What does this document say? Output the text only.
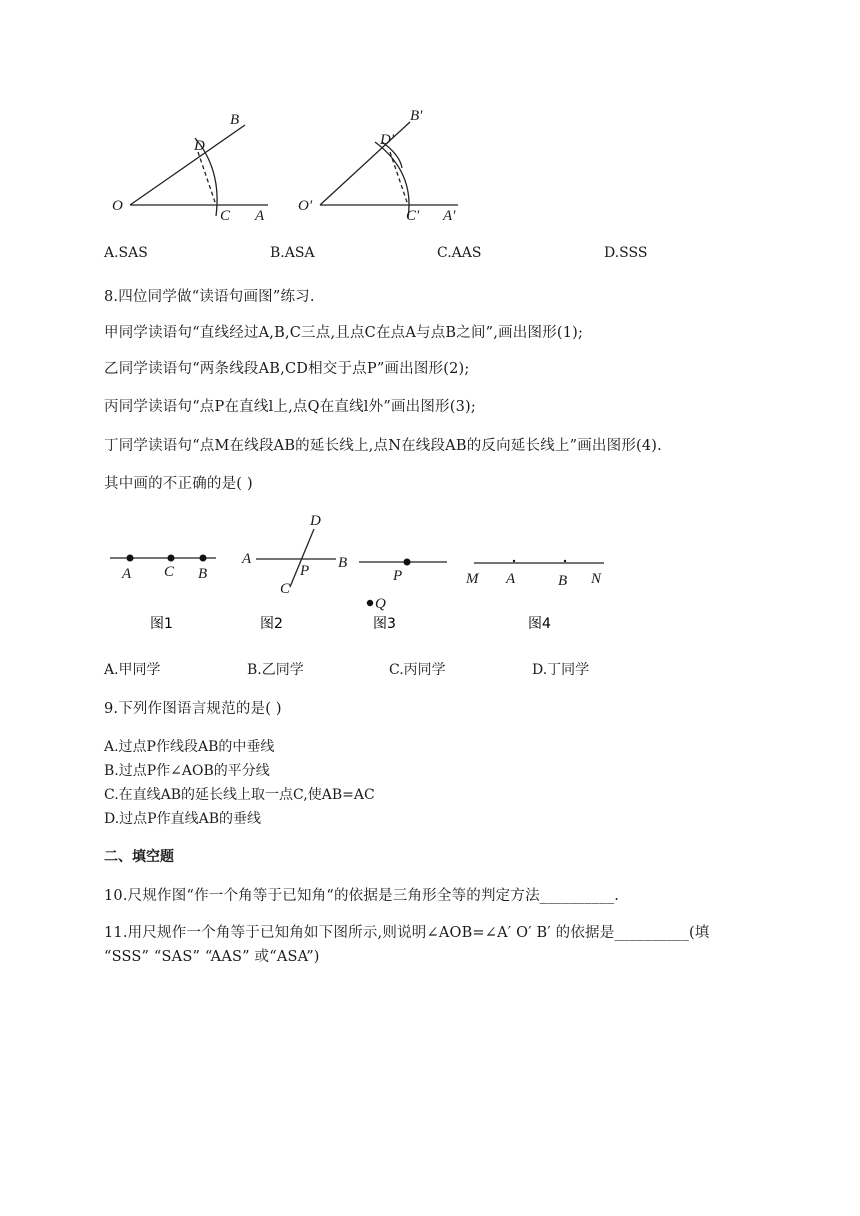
O
B
D
C A
O'
B′
D′
C′ A′
A.SAS	B.ASA	C.AAS	D.SSS
8.四位同学做“读语句画图”练习.
甲同学读语句“直线经过A,B,C三点,且点C在点A与点B之间”,画出图形(1);
乙同学读语句“两条线段AB,CD相交于点P”画出图形(2);
丙同学读语句“点P在直线l上,点Q在直线l外”画出图形(3);
丁同学读语句“点M在线段AB的延长线上,点N在线段AB的反向延长线上”画出图形(4).
其中画的不正确的是( )
A C B
图1
A	B
C
D
P
图2
P
Q
图3
M A	B N
图4
A.甲同学	B.乙同学	C.丙同学	D.丁同学
9.下列作图语言规范的是( )
A.过点P作线段AB的中垂线
B.过点P作∠AOB的平分线
C.在直线AB的延长线上取一点C,使AB=AC
D.过点P作直线AB的垂线
二、填空题
10.尺规作图“作一个角等于已知角“的依据是三角形全等的判定方法__________.
11.用尺规作一个角等于已知角如下图所示,则说明∠AOB=∠A′ O′ B′ 的依据是__________(填
“SSS” “SAS” “AAS” 或“ASA”)
